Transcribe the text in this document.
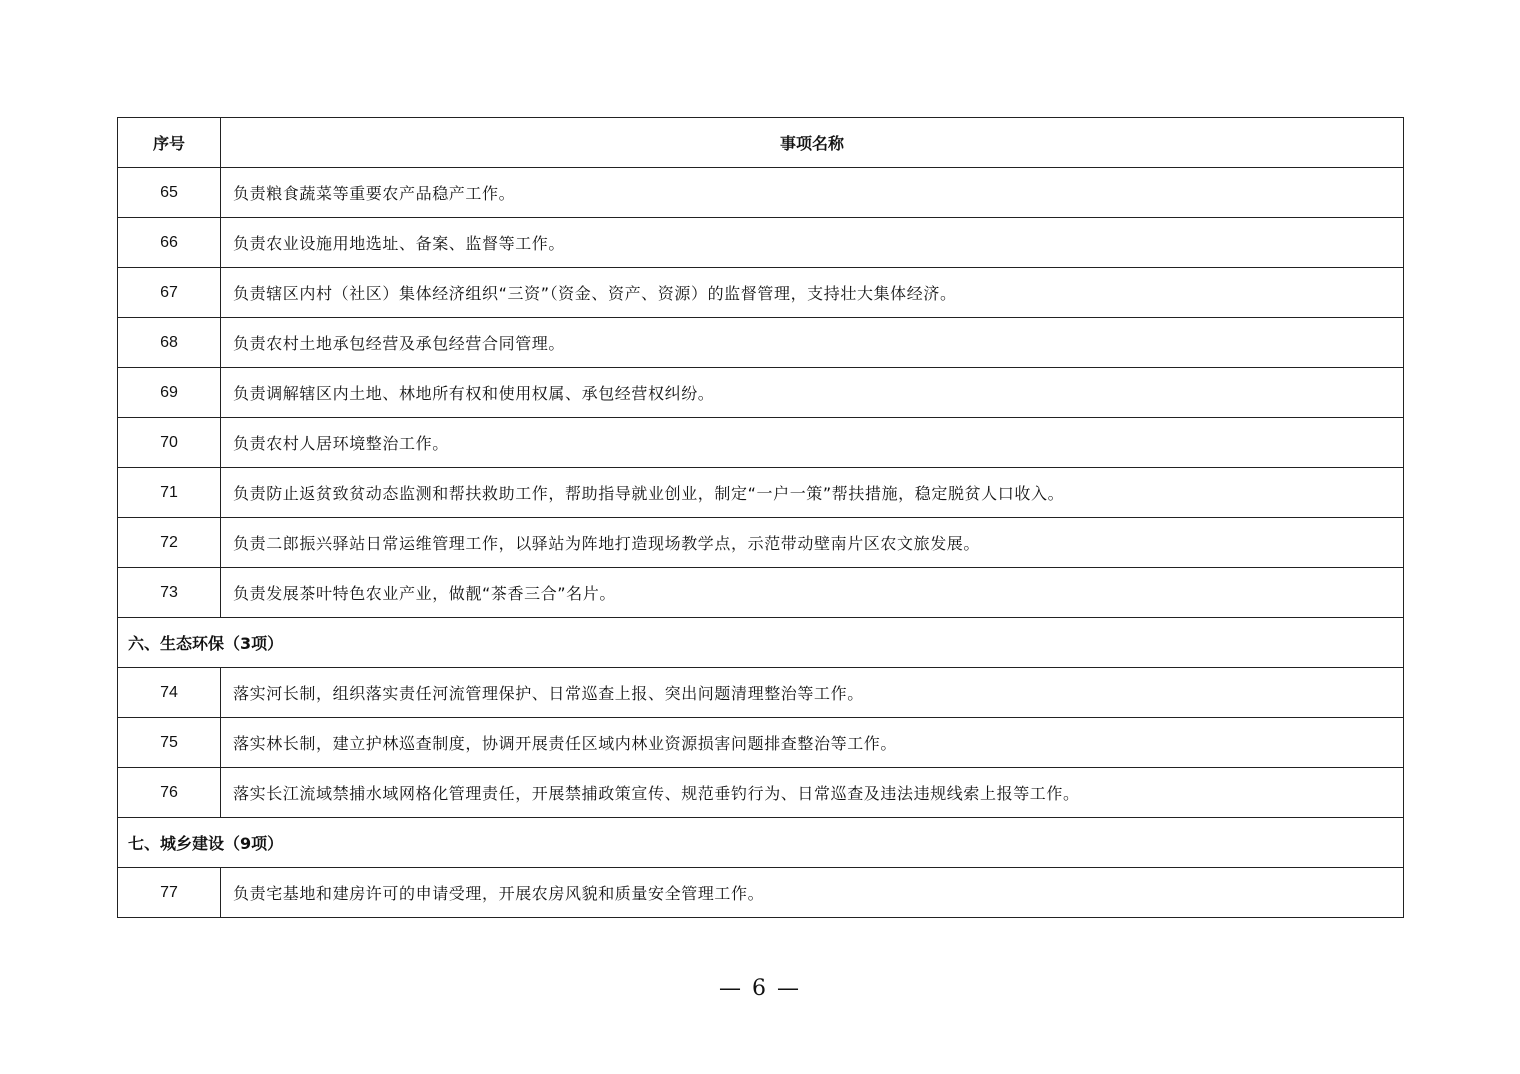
序号	事项名称
65	负责粮食蔬菜等重要农产品稳产工作。
66	负责农业设施用地选址、备案、监督等工作。
67	负责辖区内村（社区）集体经济组织“三资”（资金、资产、资源）的监督管理，支持壮大集体经济。
68	负责农村土地承包经营及承包经营合同管理。
69	负责调解辖区内土地、林地所有权和使用权属、承包经营权纠纷。
70	负责农村人居环境整治工作。
71	负责防止返贫致贫动态监测和帮扶救助工作，帮助指导就业创业，制定“一户一策”帮扶措施，稳定脱贫人口收入。
72	负责二郎振兴驿站日常运维管理工作，以驿站为阵地打造现场教学点，示范带动壁南片区农文旅发展。
73	负责发展茶叶特色农业产业，做靓“茶香三合”名片。
六、生态环保（3项）	
74	落实河长制，组织落实责任河流管理保护、日常巡查上报、突出问题清理整治等工作。
75	落实林长制，建立护林巡查制度，协调开展责任区域内林业资源损害问题排查整治等工作。
76	落实长江流域禁捕水域网格化管理责任，开展禁捕政策宣传、规范垂钓行为、日常巡查及违法违规线索上报等工作。
七、城乡建设（9项）	
77	负责宅基地和建房许可的申请受理，开展农房风貌和质量安全管理工作。
— 6 —
